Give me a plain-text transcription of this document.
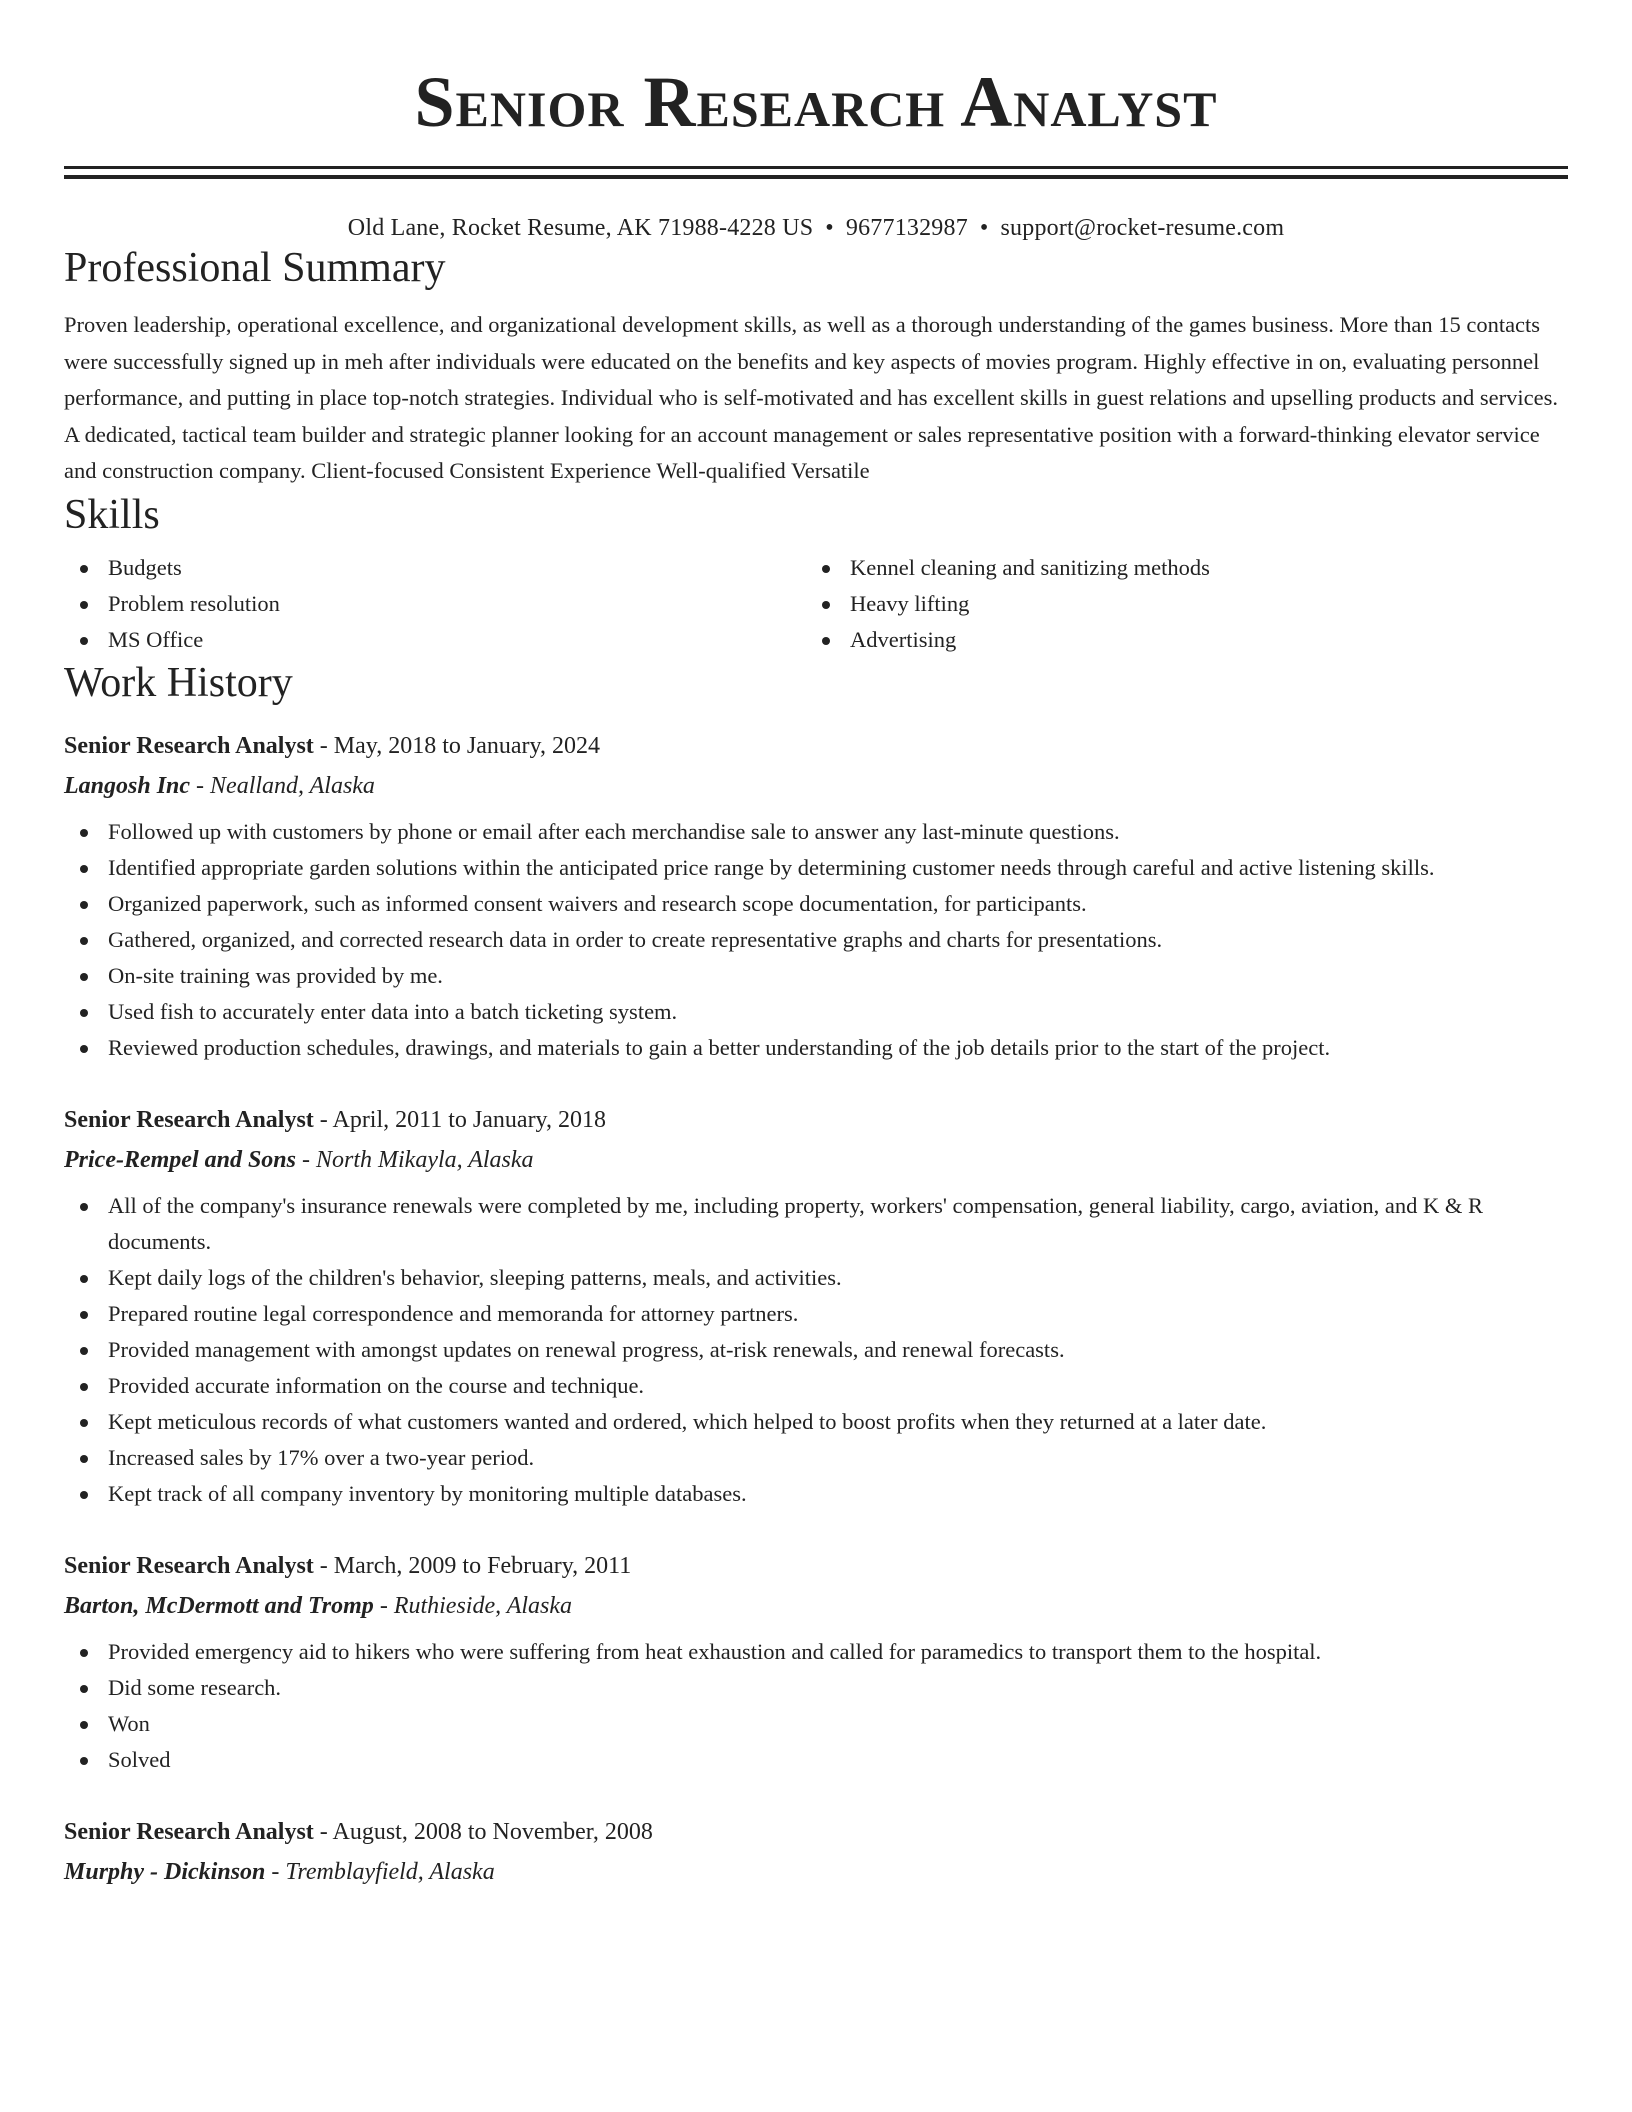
Senior Research Analyst
Old Lane, Rocket Resume, AK 71988-4228 US • 9677132987 • support@rocket-resume.com
Professional Summary

Proven leadership, operational excellence, and organizational development skills, as well as a thorough understanding of the games business. More than 15 contacts were successfully signed up in meh after individuals were educated on the benefits and key aspects of movies program. Highly effective in on, evaluating personnel performance, and putting in place top-notch strategies. Individual who is self-motivated and has excellent skills in guest relations and upselling products and services. A dedicated, tactical team builder and strategic planner looking for an account management or sales representative position with a forward-thinking elevator service and construction company. Client-focused Consistent Experience Well-qualified Versatile

Skills
Budgets
Problem resolution
MS Office
Kennel cleaning and sanitizing methods
Heavy lifting
Advertising
Work History
Senior Research Analyst - May, 2018 to January, 2024
Langosh Inc - Nealland, Alaska
Followed up with customers by phone or email after each merchandise sale to answer any last-minute questions.
Identified appropriate garden solutions within the anticipated price range by determining customer needs through careful and active listening skills.
Organized paperwork, such as informed consent waivers and research scope documentation, for participants.
Gathered, organized, and corrected research data in order to create representative graphs and charts for presentations.
On-site training was provided by me.
Used fish to accurately enter data into a batch ticketing system.
Reviewed production schedules, drawings, and materials to gain a better understanding of the job details prior to the start of the project.
Senior Research Analyst - April, 2011 to January, 2018
Price-Rempel and Sons - North Mikayla, Alaska
All of the company's insurance renewals were completed by me, including property, workers' compensation, general liability, cargo, aviation, and K & R documents.
Kept daily logs of the children's behavior, sleeping patterns, meals, and activities.
Prepared routine legal correspondence and memoranda for attorney partners.
Provided management with amongst updates on renewal progress, at-risk renewals, and renewal forecasts.
Provided accurate information on the course and technique.
Kept meticulous records of what customers wanted and ordered, which helped to boost profits when they returned at a later date.
Increased sales by 17% over a two-year period.
Kept track of all company inventory by monitoring multiple databases.
Senior Research Analyst - March, 2009 to February, 2011
Barton, McDermott and Tromp - Ruthieside, Alaska
Provided emergency aid to hikers who were suffering from heat exhaustion and called for paramedics to transport them to the hospital.
Did some research.
Won
Solved
Senior Research Analyst - August, 2008 to November, 2008
Murphy - Dickinson - Tremblayfield, Alaska
